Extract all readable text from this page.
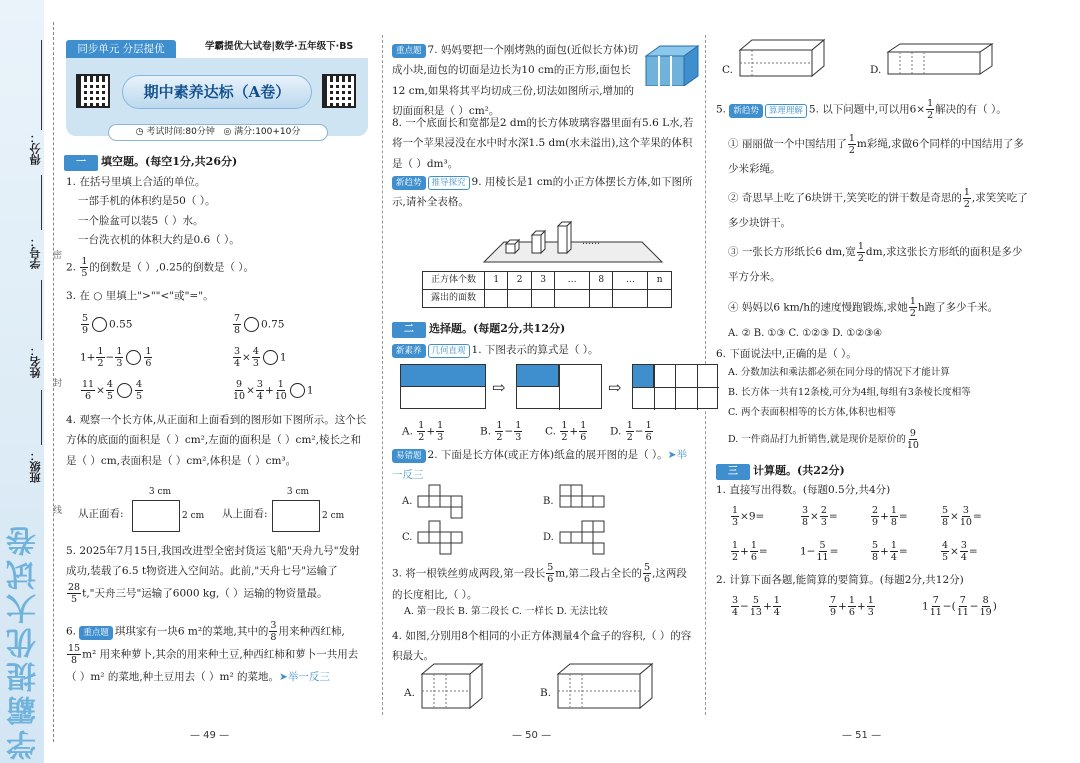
学霸提优大试卷
得分：
学号：
姓名：
班级：
密
封
线
同步单元 分层提优	学霸提优大试卷|数学·五年级下·BS
期中素养达标（A卷）
◷ 考试时间:80分钟 ◎ 满分:100+10分
一 填空题。(每空1分,共26分)
1. 在括号里填上合适的单位。
一部手机的体积约是50（ ）。
一个脸盆可以装5（ ）水。
一台洗衣机的体积大约是0.6（ ）。
2. $\frac{1}{5}$ 的倒数是（ ）,0.25的倒数是（ ）。
3. 在 ○ 里填上">""<"或"="。
$\frac{5}{9} 0.55$	$\frac{7}{8} 0.75$
$1+ \frac{1}{2} - \frac{1}{3} \frac{1}{6}$	$\frac{3}{4} \times \frac{4}{3} 1$
$\frac{11}{6} \times \frac{4}{5} \frac{4}{5}$	$\frac{9}{10} \times \frac{3}{4} + \frac{1}{10} 1$
4. 观察一个长方体,从正面和上面看到的图形如下图所示。这个长方体的底面的面积是（ ）cm²,左面的面积是（ ）cm²,棱长之和是（ ）cm,表面积是（ ）cm²,体积是（ ）cm³。
从正面看:
3 cm
2 cm 从上面看:
3 cm
2 cm
5. 2025年7月15日,我国改进型全密封货运飞船"天舟九号"发射成功,装载了6.5 t物资进入空间站。此前,"天舟七号"运输了

$\frac{28}{5} t$,"天舟三号"运输了6000 kg,（ ）运输的物资量最。
6. 重点题 琪琪家有一块6 m²的菜地,其中的 $\frac{3}{8}$ 用来种西红柿,

$\frac{15}{8} m^2$ 用来种萝卜,其余的用来种土豆,种西红柿和萝卜一共用去（ ）m² 的菜地,种土豆用去（ ）m² 的菜地。➤举一反三
— 49 —
重点题 7. 妈妈要把一个刚烤熟的面包(近似长方体)切成小块,面包的切面是边长为10 cm的正方形,面包长12 cm,如果将其平均切成三份,切法如图所示,增加的切面面积是（ ）cm²。
8. 一个底面长和宽都是2 dm的长方体玻璃容器里面有5.6 L水,若将一个苹果浸没在水中时水深1.5 dm(水未溢出),这个苹果的体积是（ ）dm³。
新趋势 推导探究 9. 用棱长是1 cm的小正方体摆长方体,如下图所示,请补全表格。
……
正方体个数	1	2	3	…	8	…	n
露出的面数							
二 选择题。(每题2分,共12分)
新素养 几何直观 1. 下图表示的算式是（ ）。
⇨	⇨
A. $\frac{1}{2} + \frac{1}{3}$	B. $\frac{1}{2} - \frac{1}{3} C$. $\frac{1}{2} + \frac{1}{6} D$. $\frac{1}{2} - \frac{1}{6}$
易错题 2. 下面是长方体(或正方体)纸盒的展开图的是（ ）。➤举一反三
A.	B.
C.	D.
3. 将一根铁丝剪成两段,第一段长 $\frac{5}{6} m$,第二段占全长的 $\frac{5}{6}$ ,这两段的长度相比,（ ）。
A. 第一段长 B. 第二段长 C. 一样长 D. 无法比较
4. 如图,分别用8个相同的小正方体测量4个盒子的容积,（ ）的容积最大。
A.	B.
— 50 —
C.	D.
5. 新趋势 算理理解 5. 以下问题中,可以用$6\times \frac{1}{2}$ 解决的有（ ）。
① 丽丽做一个中国结用了 $\frac{1}{2}$ m彩绳,求做6个同样的中国结用了多少米彩绳。
② 奇思早上吃了6块饼干,笑笑吃的饼干数是奇思的 $\frac{1}{2}$ ,求笑笑吃了多少块饼干。
③ 一张长方形纸长6 dm,宽 $\frac{1}{2}$ dm,求这张长方形纸的面积是多少平方分米。
④ 妈妈以6 km/h的速度慢跑锻炼,求她 $\frac{1}{2}$ h跑了多少千米。
A. ② B. ①③ C. ①②③ D. ①②③④
6. 下面说法中,正确的是（ ）。
A. 分数加法和乘法都必须在同分母的情况下才能计算
B. 长方体一共有12条棱,可分为4组,每组有3条棱长度相等
C. 两个表面积相等的长方体,体积也相等
D. 一件商品打九折销售,就是现价是原价的 $\frac{9}{10}$
三 计算题。(共22分)
1. 直接写出得数。(每题0.5分,共4分)
$\frac{1}{3} \times 9=$	$\frac{3}{8} \times \frac{2}{3}$ =	$\frac{2}{9} + \frac{1}{8}$ =	$\frac{5}{8} \times \frac{3}{10}$ =
$\frac{1}{2} + \frac{1}{6}$ =	$1- \frac{5}{11}$ =	$\frac{5}{8} + \frac{1}{4}$ =	$\frac{4}{5} \times \frac{3}{4}$ =
2. 计算下面各题,能简算的要简算。(每题2分,共12分)
$\frac{3}{4} - \frac{5}{13} + \frac{1}{4}$	$\frac{7}{9} + \frac{1}{6} + \frac{1}{3}$	$1 \frac{7}{11}$ −( $\frac{7}{11} - \frac{8}{19}$ )
— 51 —
